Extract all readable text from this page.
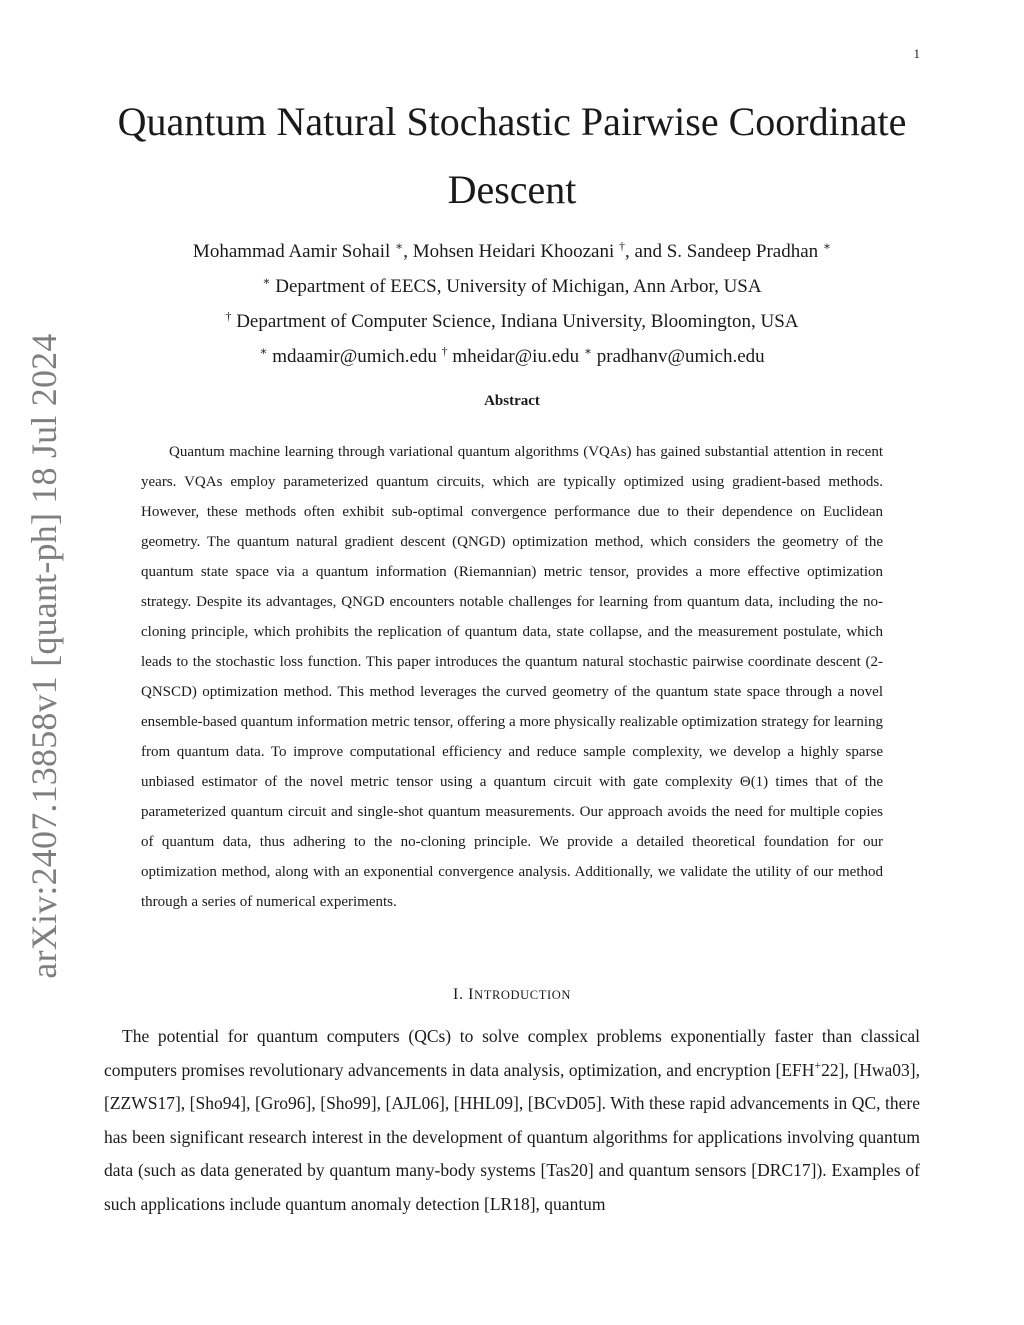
1
arXiv:2407.13858v1 [quant-ph] 18 Jul 2024
Quantum Natural Stochastic Pairwise Coordinate Descent
Mohammad Aamir Sohail ∗, Mohsen Heidari Khoozani †, and S. Sandeep Pradhan ∗
∗ Department of EECS, University of Michigan, Ann Arbor, USA
† Department of Computer Science, Indiana University, Bloomington, USA
∗ mdaamir@umich.edu † mheidar@iu.edu ∗ pradhanv@umich.edu
Abstract

Quantum machine learning through variational quantum algorithms (VQAs) has gained substantial attention in recent years. VQAs employ parameterized quantum circuits, which are typically optimized using gradient-based methods. However, these methods often exhibit sub-optimal convergence performance due to their dependence on Euclidean geometry. The quantum natural gradient descent (QNGD) optimization method, which considers the geometry of the quantum state space via a quantum information (Riemannian) metric tensor, provides a more effective optimization strategy. Despite its advantages, QNGD encounters notable challenges for learning from quantum data, including the no-cloning principle, which prohibits the replication of quantum data, state collapse, and the measurement postulate, which leads to the stochastic loss function. This paper introduces the quantum natural stochastic pairwise coordinate descent (2-QNSCD) optimization method. This method leverages the curved geometry of the quantum state space through a novel ensemble-based quantum information metric tensor, offering a more physically realizable optimization strategy for learning from quantum data. To improve computational efficiency and reduce sample complexity, we develop a highly sparse unbiased estimator of the novel metric tensor using a quantum circuit with gate complexity Θ(1) times that of the parameterized quantum circuit and single-shot quantum measurements. Our approach avoids the need for multiple copies of quantum data, thus adhering to the no-cloning principle. We provide a detailed theoretical foundation for our optimization method, along with an exponential convergence analysis. Additionally, we validate the utility of our method through a series of numerical experiments.

I. INTRODUCTION

The potential for quantum computers (QCs) to solve complex problems exponentially faster than classical computers promises revolutionary advancements in data analysis, optimization, and encryption [EFH+22], [Hwa03], [ZZWS17], [Sho94], [Gro96], [Sho99], [AJL06], [HHL09], [BCvD05]. With these rapid advancements in QC, there has been significant research interest in the development of quantum algorithms for applications involving quantum data (such as data generated by quantum many-body systems [Tas20] and quantum sensors [DRC17]). Examples of such applications include quantum anomaly detection [LR18], quantum
